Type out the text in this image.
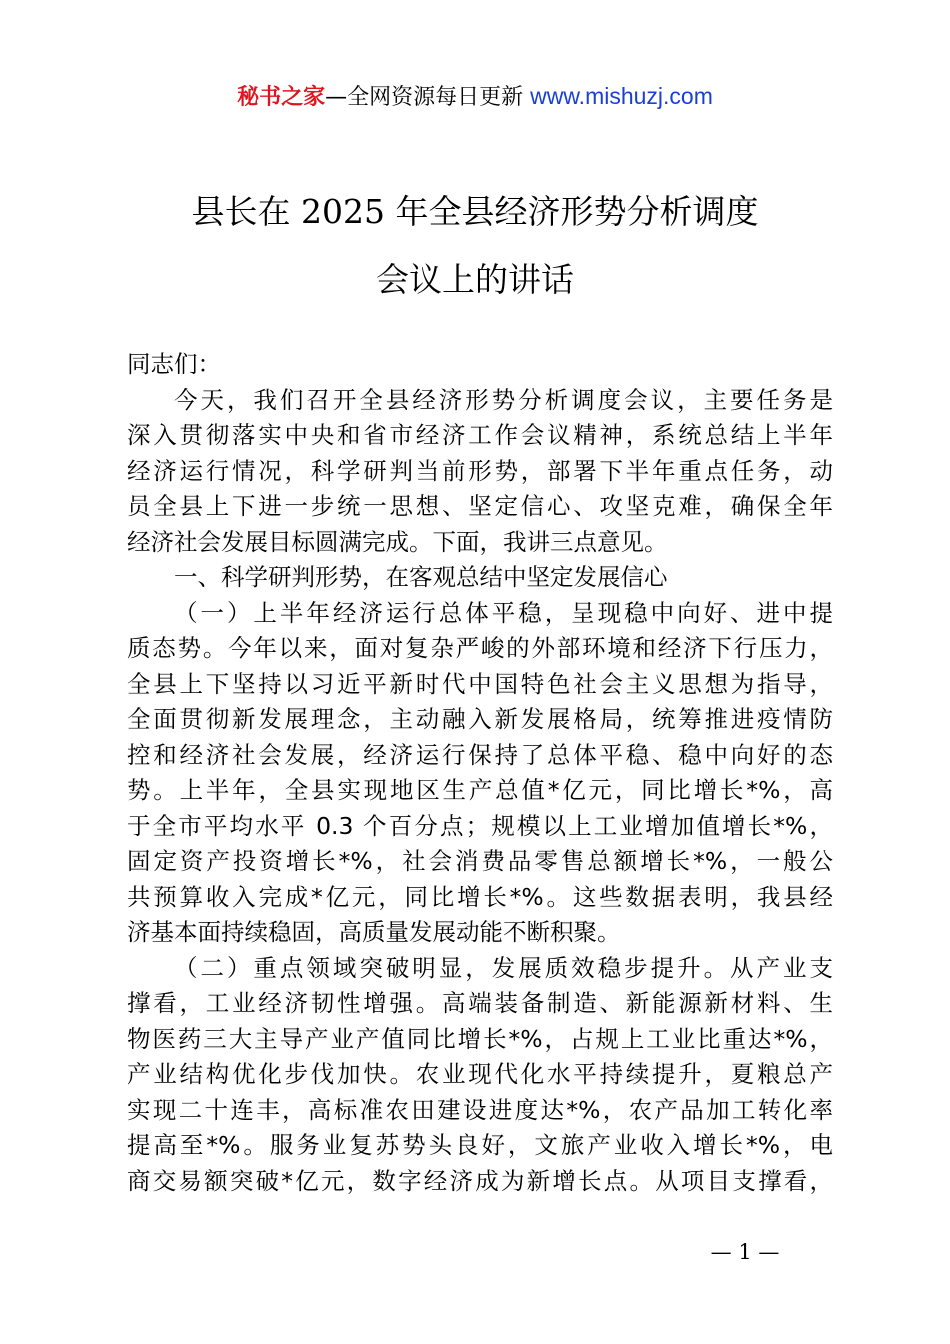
秘书之家—全网资源每日更新 www.mishuzj.com
县长在 2025 年全县经济形势分析调度
会议上的讲话
同志们：
今天，我们召开全县经济形势分析调度会议，主要任务是
深入贯彻落实中央和省市经济工作会议精神，系统总结上半年
经济运行情况，科学研判当前形势，部署下半年重点任务，动
员全县上下进一步统一思想、坚定信心、攻坚克难，确保全年
经济社会发展目标圆满完成。下面，我讲三点意见。
一、科学研判形势，在客观总结中坚定发展信心
（一）上半年经济运行总体平稳，呈现稳中向好、进中提
质态势。今年以来，面对复杂严峻的外部环境和经济下行压力，
全县上下坚持以习近平新时代中国特色社会主义思想为指导，
全面贯彻新发展理念，主动融入新发展格局，统筹推进疫情防
控和经济社会发展，经济运行保持了总体平稳、稳中向好的态
势。上半年，全县实现地区生产总值*亿元，同比增长*%，高
于全市平均水平 0.3 个百分点；规模以上工业增加值增长*%，
固定资产投资增长*%，社会消费品零售总额增长*%，一般公
共预算收入完成*亿元，同比增长*%。这些数据表明，我县经
济基本面持续稳固，高质量发展动能不断积聚。
（二）重点领域突破明显，发展质效稳步提升。从产业支
撑看，工业经济韧性增强。高端装备制造、新能源新材料、生
物医药三大主导产业产值同比增长*%，占规上工业比重达*%，
产业结构优化步伐加快。农业现代化水平持续提升，夏粮总产
实现二十连丰，高标准农田建设进度达*%，农产品加工转化率
提高至*%。服务业复苏势头良好，文旅产业收入增长*%，电
商交易额突破*亿元，数字经济成为新增长点。从项目支撑看，
— 1 —
